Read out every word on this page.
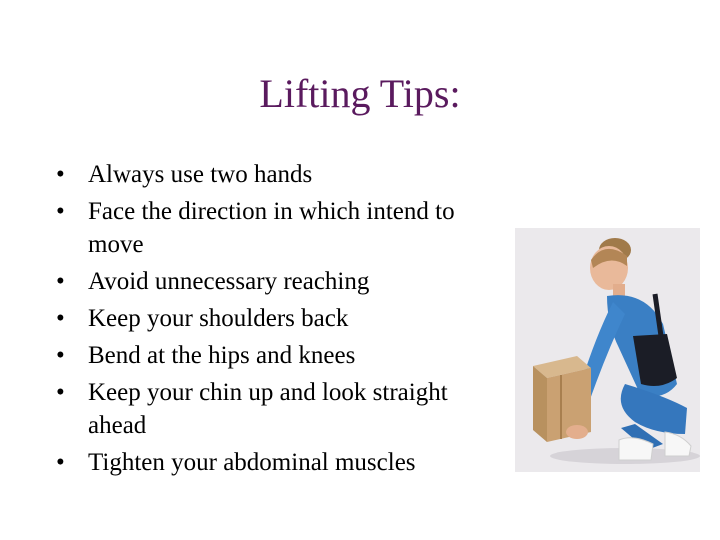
Lifting Tips:
• Always use two hands
• Face the direction in which intend to move
• Avoid unnecessary reaching
• Keep your shoulders back
• Bend at the hips and knees
• Keep your chin up and look straight ahead
• Tighten your abdominal muscles
